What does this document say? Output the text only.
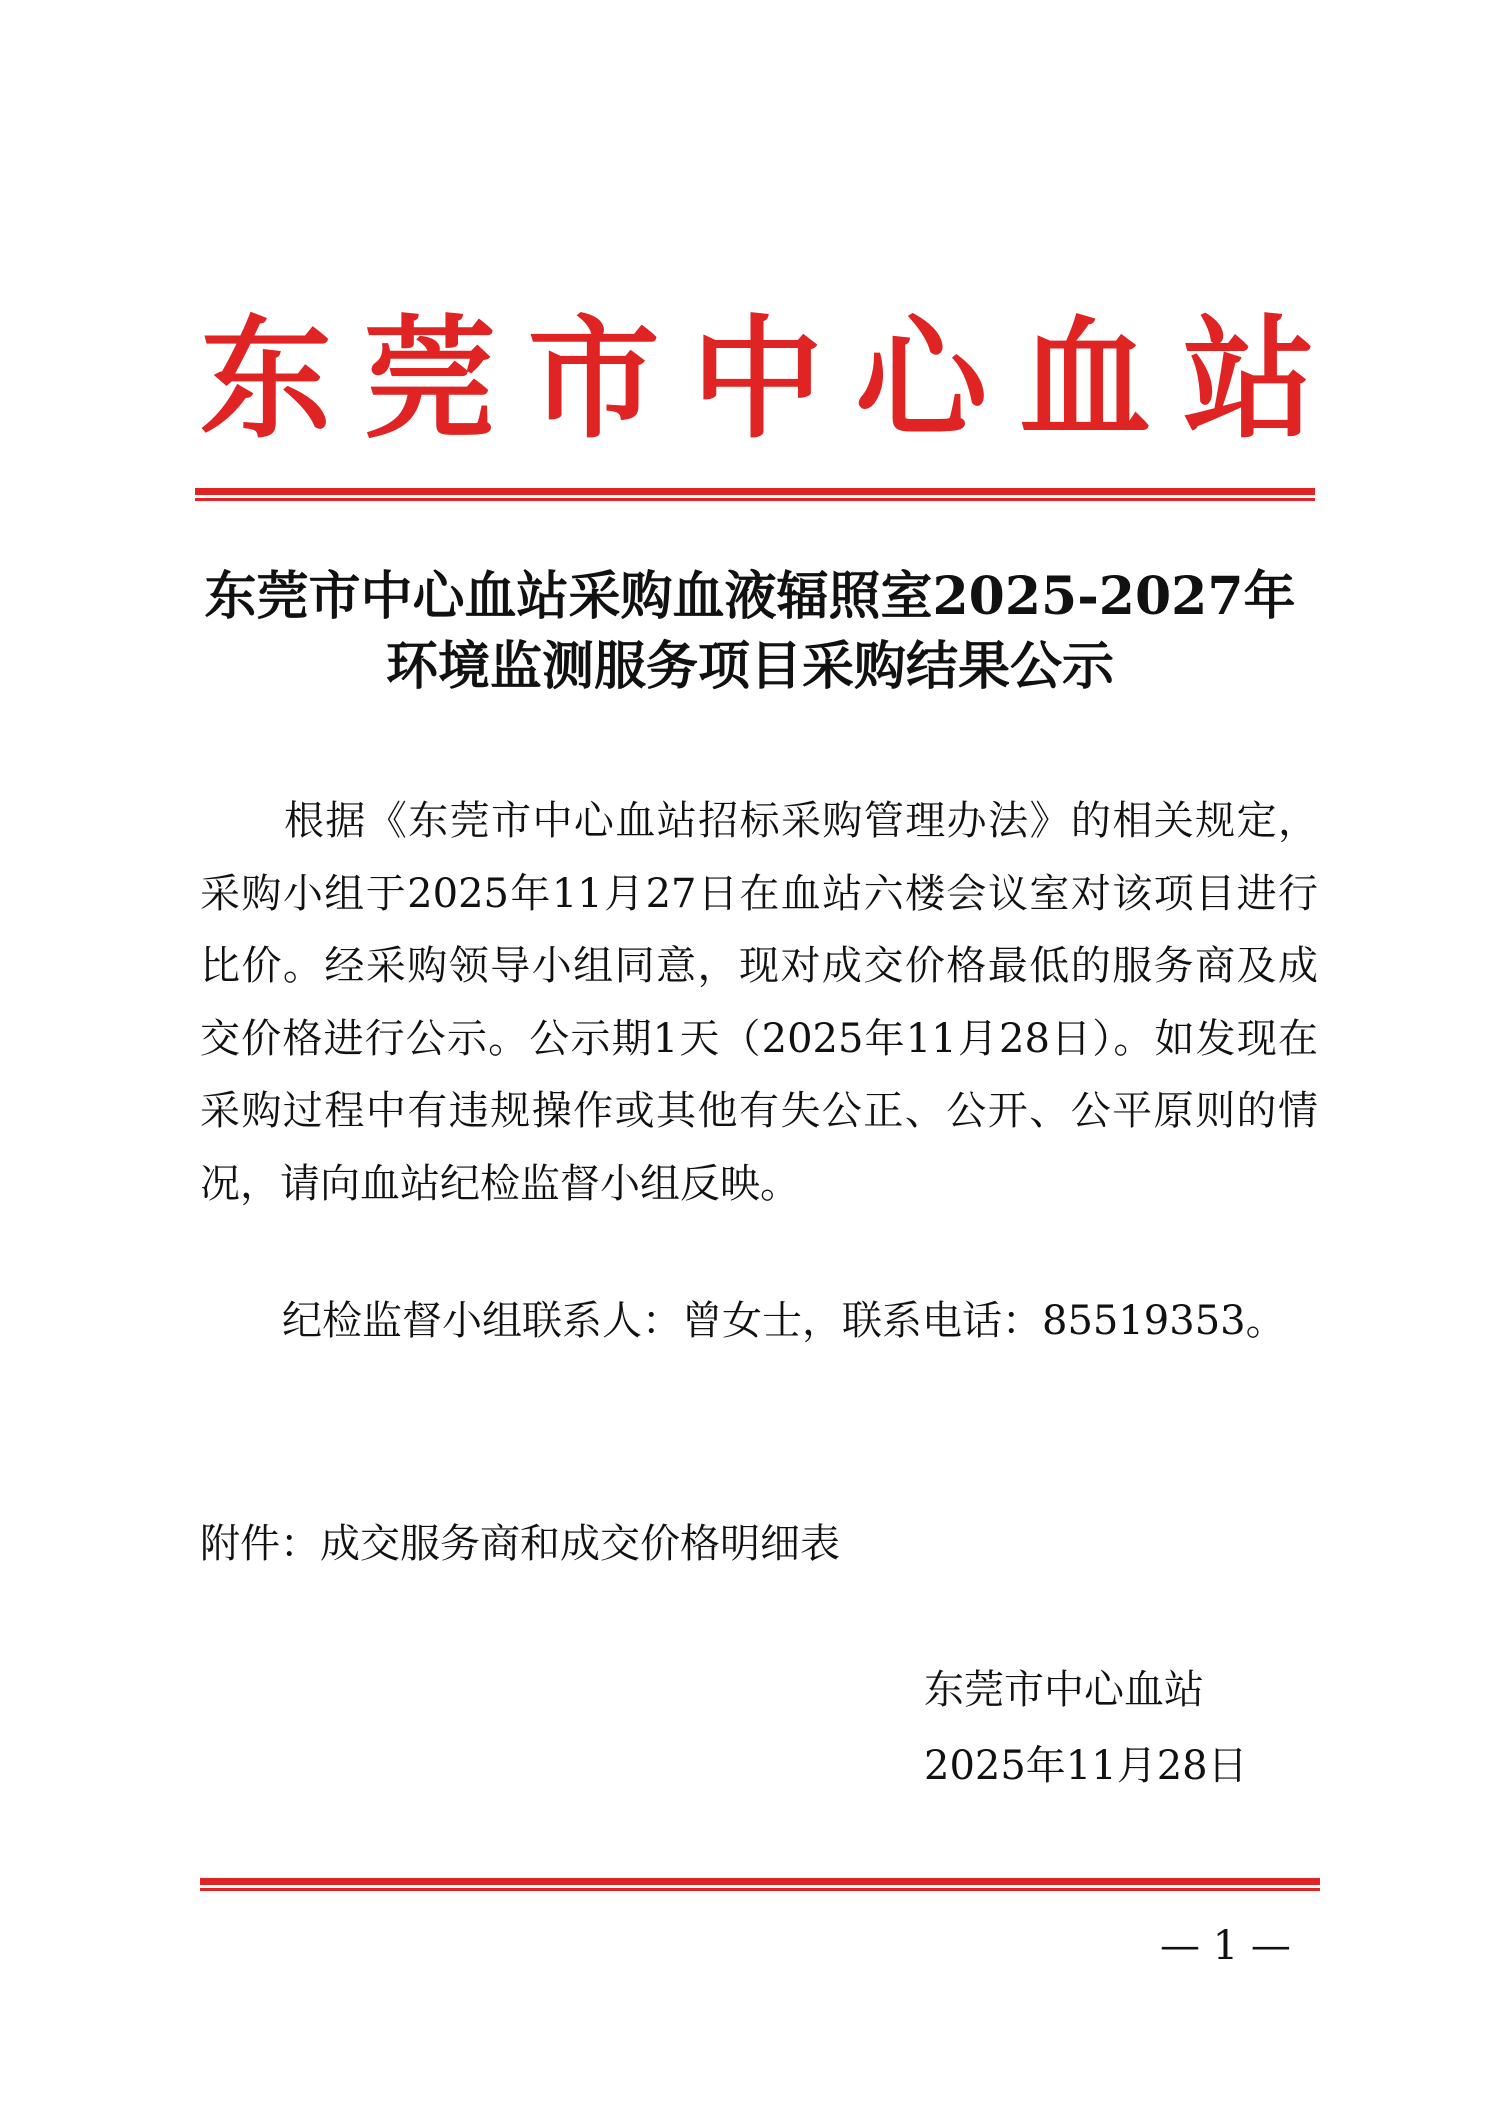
东 莞 市 中 心 血 站
东莞市中心血站采购血液辐照室2025-2027年
环境监测服务项目采购结果公示
根据《东莞市中心血站招标采购管理办法》的相关规定，采购小组于2025年11月27日在血站六楼会议室对该项目进行比价。经采购领导小组同意，现对成交价格最低的服务商及成交价格进行公示。公示期1天（2025年11月28日）。如发现在采购过程中有违规操作或其他有失公正、公开、公平原则的情况，请向血站纪检监督小组反映。
纪检监督小组联系人：曾女士，联系电话：85519353。
附件：成交服务商和成交价格明细表
东莞市中心血站
2025年11月28日
— 1 —
